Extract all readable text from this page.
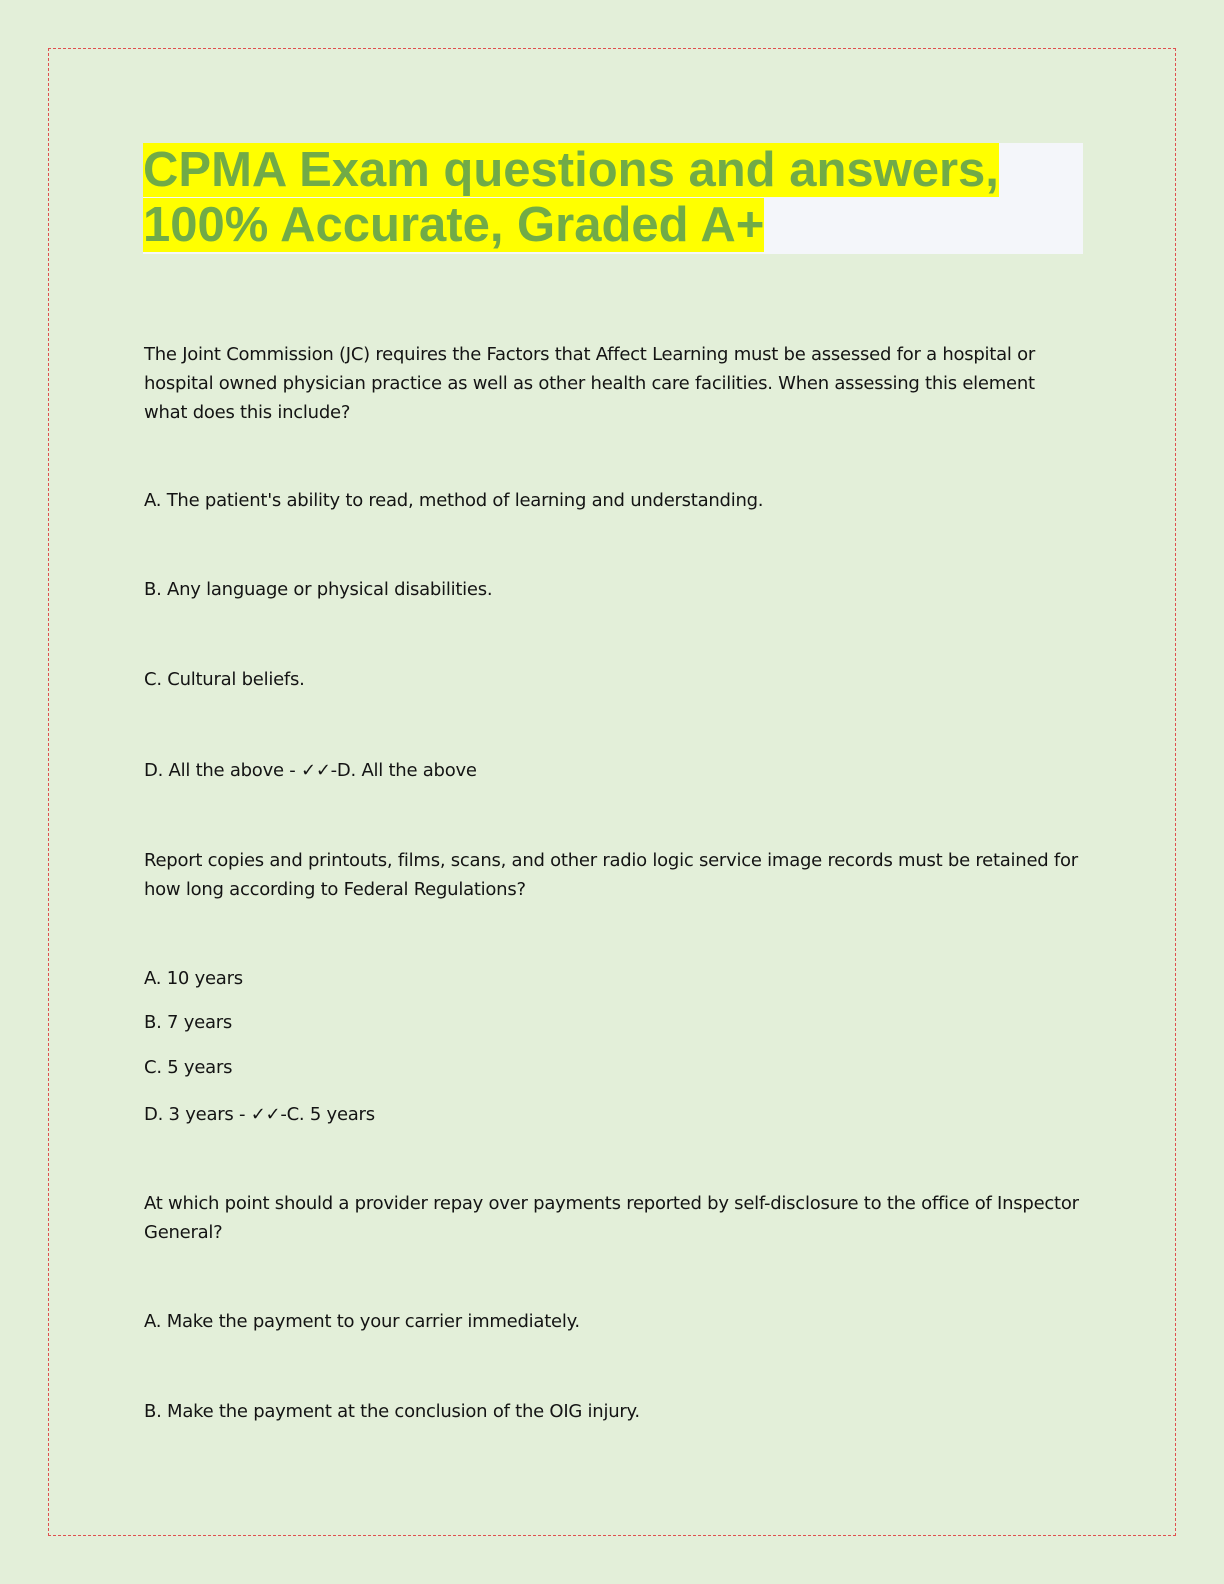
CPMA Exam questions and answers,
100% Accurate, Graded A+

The Joint Commission (JC) requires the Factors that Affect Learning must be assessed for a hospital or hospital owned physician practice as well as other health care facilities. When assessing this element what does this include?

A. The patient's ability to read, method of learning and understanding.

B. Any language or physical disabilities.

C. Cultural beliefs.

D. All the above - ✓✓-D. All the above

Report copies and printouts, films, scans, and other radio logic service image records must be retained for how long according to Federal Regulations?

A. 10 years

B. 7 years

C. 5 years

D. 3 years - ✓✓-C. 5 years

At which point should a provider repay over payments reported by self-disclosure to the office of Inspector General?

A. Make the payment to your carrier immediately.

B. Make the payment at the conclusion of the OIG injury.
